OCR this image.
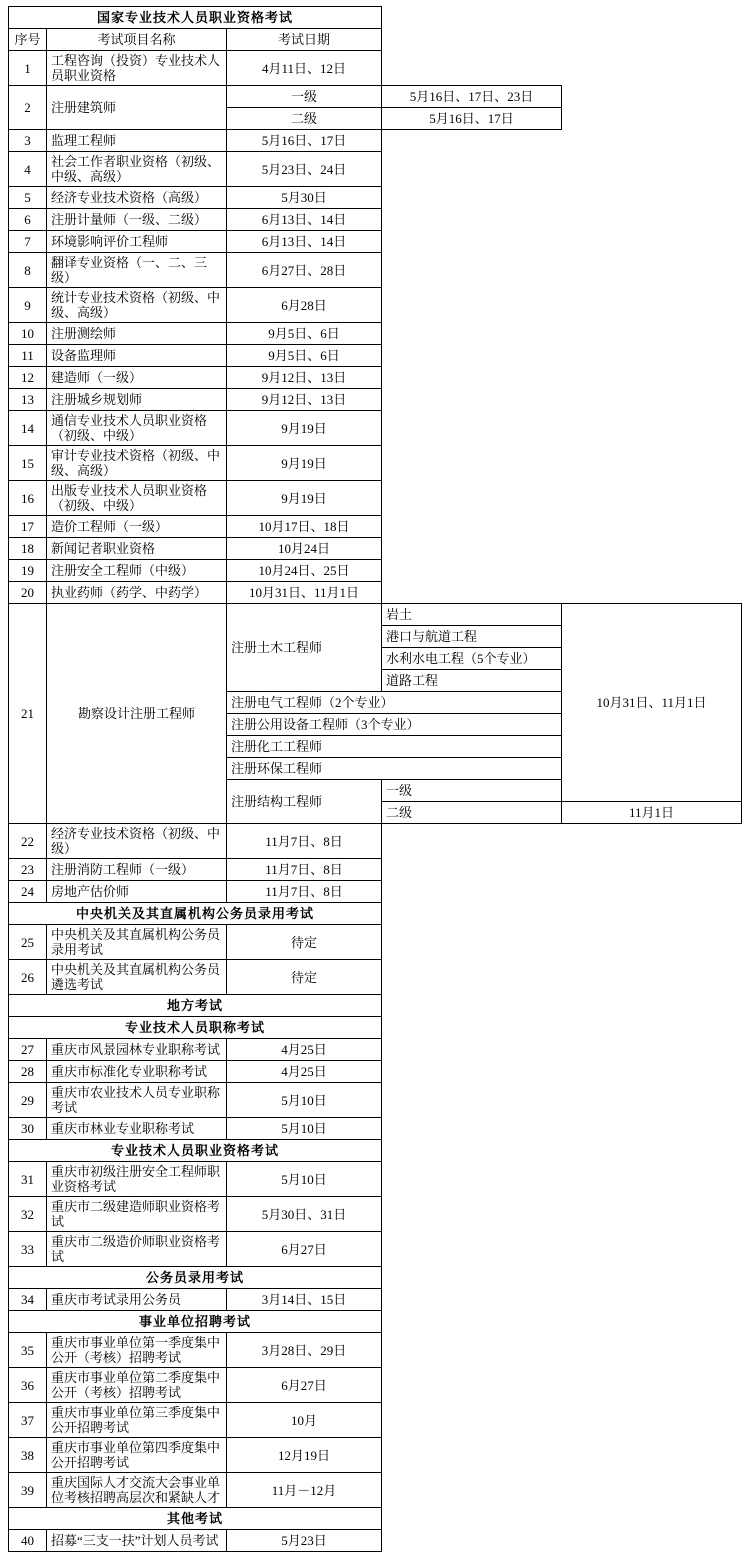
国家专业技术人员职业资格考试				
序号	考试项目名称	考试日期		
1	工程咨询（投资）专业技术人员职业资格	4月11日、12日		
2	注册建筑师	一级	5月16日、17日、23日	
		二级	5月16日、17日	
3	监理工程师	5月16日、17日		
4	社会工作者职业资格（初级、中级、高级）	5月23日、24日		
5	经济专业技术资格（高级）	5月30日		
6	注册计量师（一级、二级）	6月13日、14日		
7	环境影响评价工程师	6月13日、14日		
8	翻译专业资格（一、二、三级）	6月27日、28日		
9	统计专业技术资格（初级、中级、高级）	6月28日		
10	注册测绘师	9月5日、6日		
11	设备监理师	9月5日、6日		
12	建造师（一级）	9月12日、13日		
13	注册城乡规划师	9月12日、13日		
14	通信专业技术人员职业资格（初级、中级）	9月19日		
15	审计专业技术资格（初级、中级、高级）	9月19日		
16	出版专业技术人员职业资格（初级、中级）	9月19日		
17	造价工程师（一级）	10月17日、18日		
18	新闻记者职业资格	10月24日		
19	注册安全工程师（中级）	10月24日、25日		
20	执业药师（药学、中药学）	10月31日、11月1日		
21	勘察设计注册工程师	注册土木工程师	岩土	10月31日、11月1日
			港口与航道工程	
			水利水电工程（5个专业）	
			道路工程	
		注册电气工程师（2个专业）		
		注册公用设备工程师（3个专业）		
		注册化工工程师		
		注册环保工程师		
		注册结构工程师	一级	
			二级	11月1日
22	经济专业技术资格（初级、中级）	11月7日、8日		
23	注册消防工程师（一级）	11月7日、8日		
24	房地产估价师	11月7日、8日		
中央机关及其直属机构公务员录用考试				
25	中央机关及其直属机构公务员录用考试	待定		
26	中央机关及其直属机构公务员遴选考试	待定		
地方考试				
专业技术人员职称考试				
27	重庆市风景园林专业职称考试	4月25日		
28	重庆市标准化专业职称考试	4月25日		
29	重庆市农业技术人员专业职称考试	5月10日		
30	重庆市林业专业职称考试	5月10日		
专业技术人员职业资格考试				
31	重庆市初级注册安全工程师职业资格考试	5月10日		
32	重庆市二级建造师职业资格考试	5月30日、31日		
33	重庆市二级造价师职业资格考试	6月27日		
公务员录用考试				
34	重庆市考试录用公务员	3月14日、15日		
事业单位招聘考试				
35	重庆市事业单位第一季度集中公开（考核）招聘考试	3月28日、29日		
36	重庆市事业单位第二季度集中公开（考核）招聘考试	6月27日		
37	重庆市事业单位第三季度集中公开招聘考试	10月		
38	重庆市事业单位第四季度集中公开招聘考试	12月19日		
39	重庆国际人才交流大会事业单位考核招聘高层次和紧缺人才	11月－12月		
其他考试				
40	招募“三支一扶”计划人员考试	5月23日		
